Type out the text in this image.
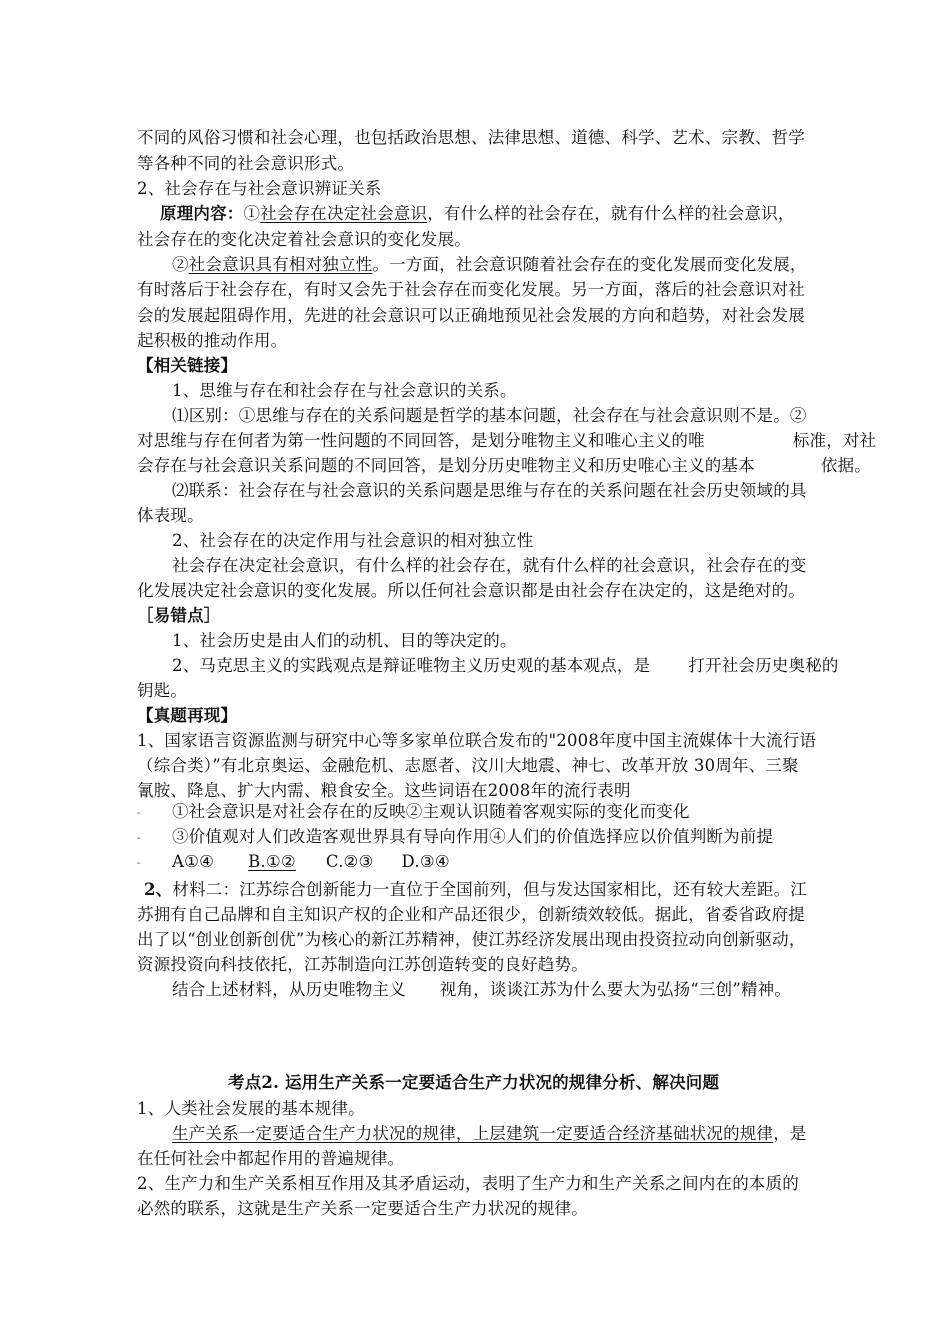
不同的风俗习惯和社会心理，也包括政治思想、法律思想、道德、科学、艺术、宗教、哲学
等各种不同的社会意识形式。
2、社会存在与社会意识辨证关系
原理内容：①社会存在决定社会意识，有什么样的社会存在，就有什么样的社会意识，
社会存在的变化决定着社会意识的变化发展。
②社会意识具有相对独立性。一方面，社会意识随着社会存在的变化发展而变化发展，
有时落后于社会存在，有时又会先于社会存在而变化发展。另一方面，落后的社会意识对社
会的发展起阻碍作用，先进的社会意识可以正确地预见社会发展的方向和趋势，对社会发展
起积极的推动作用。
【相关链接】
1、思维与存在和社会存在与社会意识的关系。
⑴区别：①思维与存在的关系问题是哲学的基本问题，社会存在与社会意识则不是。②
对思维与存在何者为第一性问题的不同回答，是划分唯物主义和唯心主义的唯	标准，对社
会存在与社会意识关系问题的不同回答，是划分历史唯物主义和历史唯心主义的基本	依据。
⑵联系：社会存在与社会意识的关系问题是思维与存在的关系问题在社会历史领域的具
体表现。
2、社会存在的决定作用与社会意识的相对独立性
社会存在决定社会意识，有什么样的社会存在，就有什么样的社会意识，社会存在的变
化发展决定社会意识的变化发展。所以任何社会意识都是由社会存在决定的，这是绝对的。
［易错点］
1、社会历史是由人们的动机、目的等决定的。
2、马克思主义的实践观点是辩证唯物主义历史观的基本观点，是 打开社会历史奥秘的
钥匙。
【真题再现】
1、国家语言资源监测与研究中心等多家单位联合发布的"2008年度中国主流媒体十大流行语
（综合类）”有北京奥运、金融危机、志愿者、汶川大地震、神七、改革开放 30周年、三聚
氰胺、降息、扩大内需、粮食安全。这些词语在2008年的流行表明
- ①社会意识是对社会存在的反映②主观认识随着客观实际的变化而变化
- ③价值观对人们改造客观世界具有导向作用④人们的价值选择应以价值判断为前提
- A①④ B.①② C.②③ D.③④
2、材料二：江苏综合创新能力一直位于全国前列，但与发达国家相比，还有较大差距。江
苏拥有自己品牌和自主知识产权的企业和产品还很少，创新绩效较低。据此，省委省政府提
出了以“创业创新创优”为核心的新江苏精神，使江苏经济发展出现由投资拉动向创新驱动，
资源投资向科技依托，江苏制造向江苏创造转变的良好趋势。
结合上述材料，从历史唯物主义 视角，谈谈江苏为什么要大为弘扬“三创”精神。
考点2. 运用生产关系一定要适合生产力状况的规律分析、解决问题
1、人类社会发展的基本规律。
生产关系一定要适合生产力状况的规律，上层建筑一定要适合经济基础状况的规律，是
在任何社会中都起作用的普遍规律。
2、生产力和生产关系相互作用及其矛盾运动，表明了生产力和生产关系之间内在的本质的
必然的联系，这就是生产关系一定要适合生产力状况的规律。
